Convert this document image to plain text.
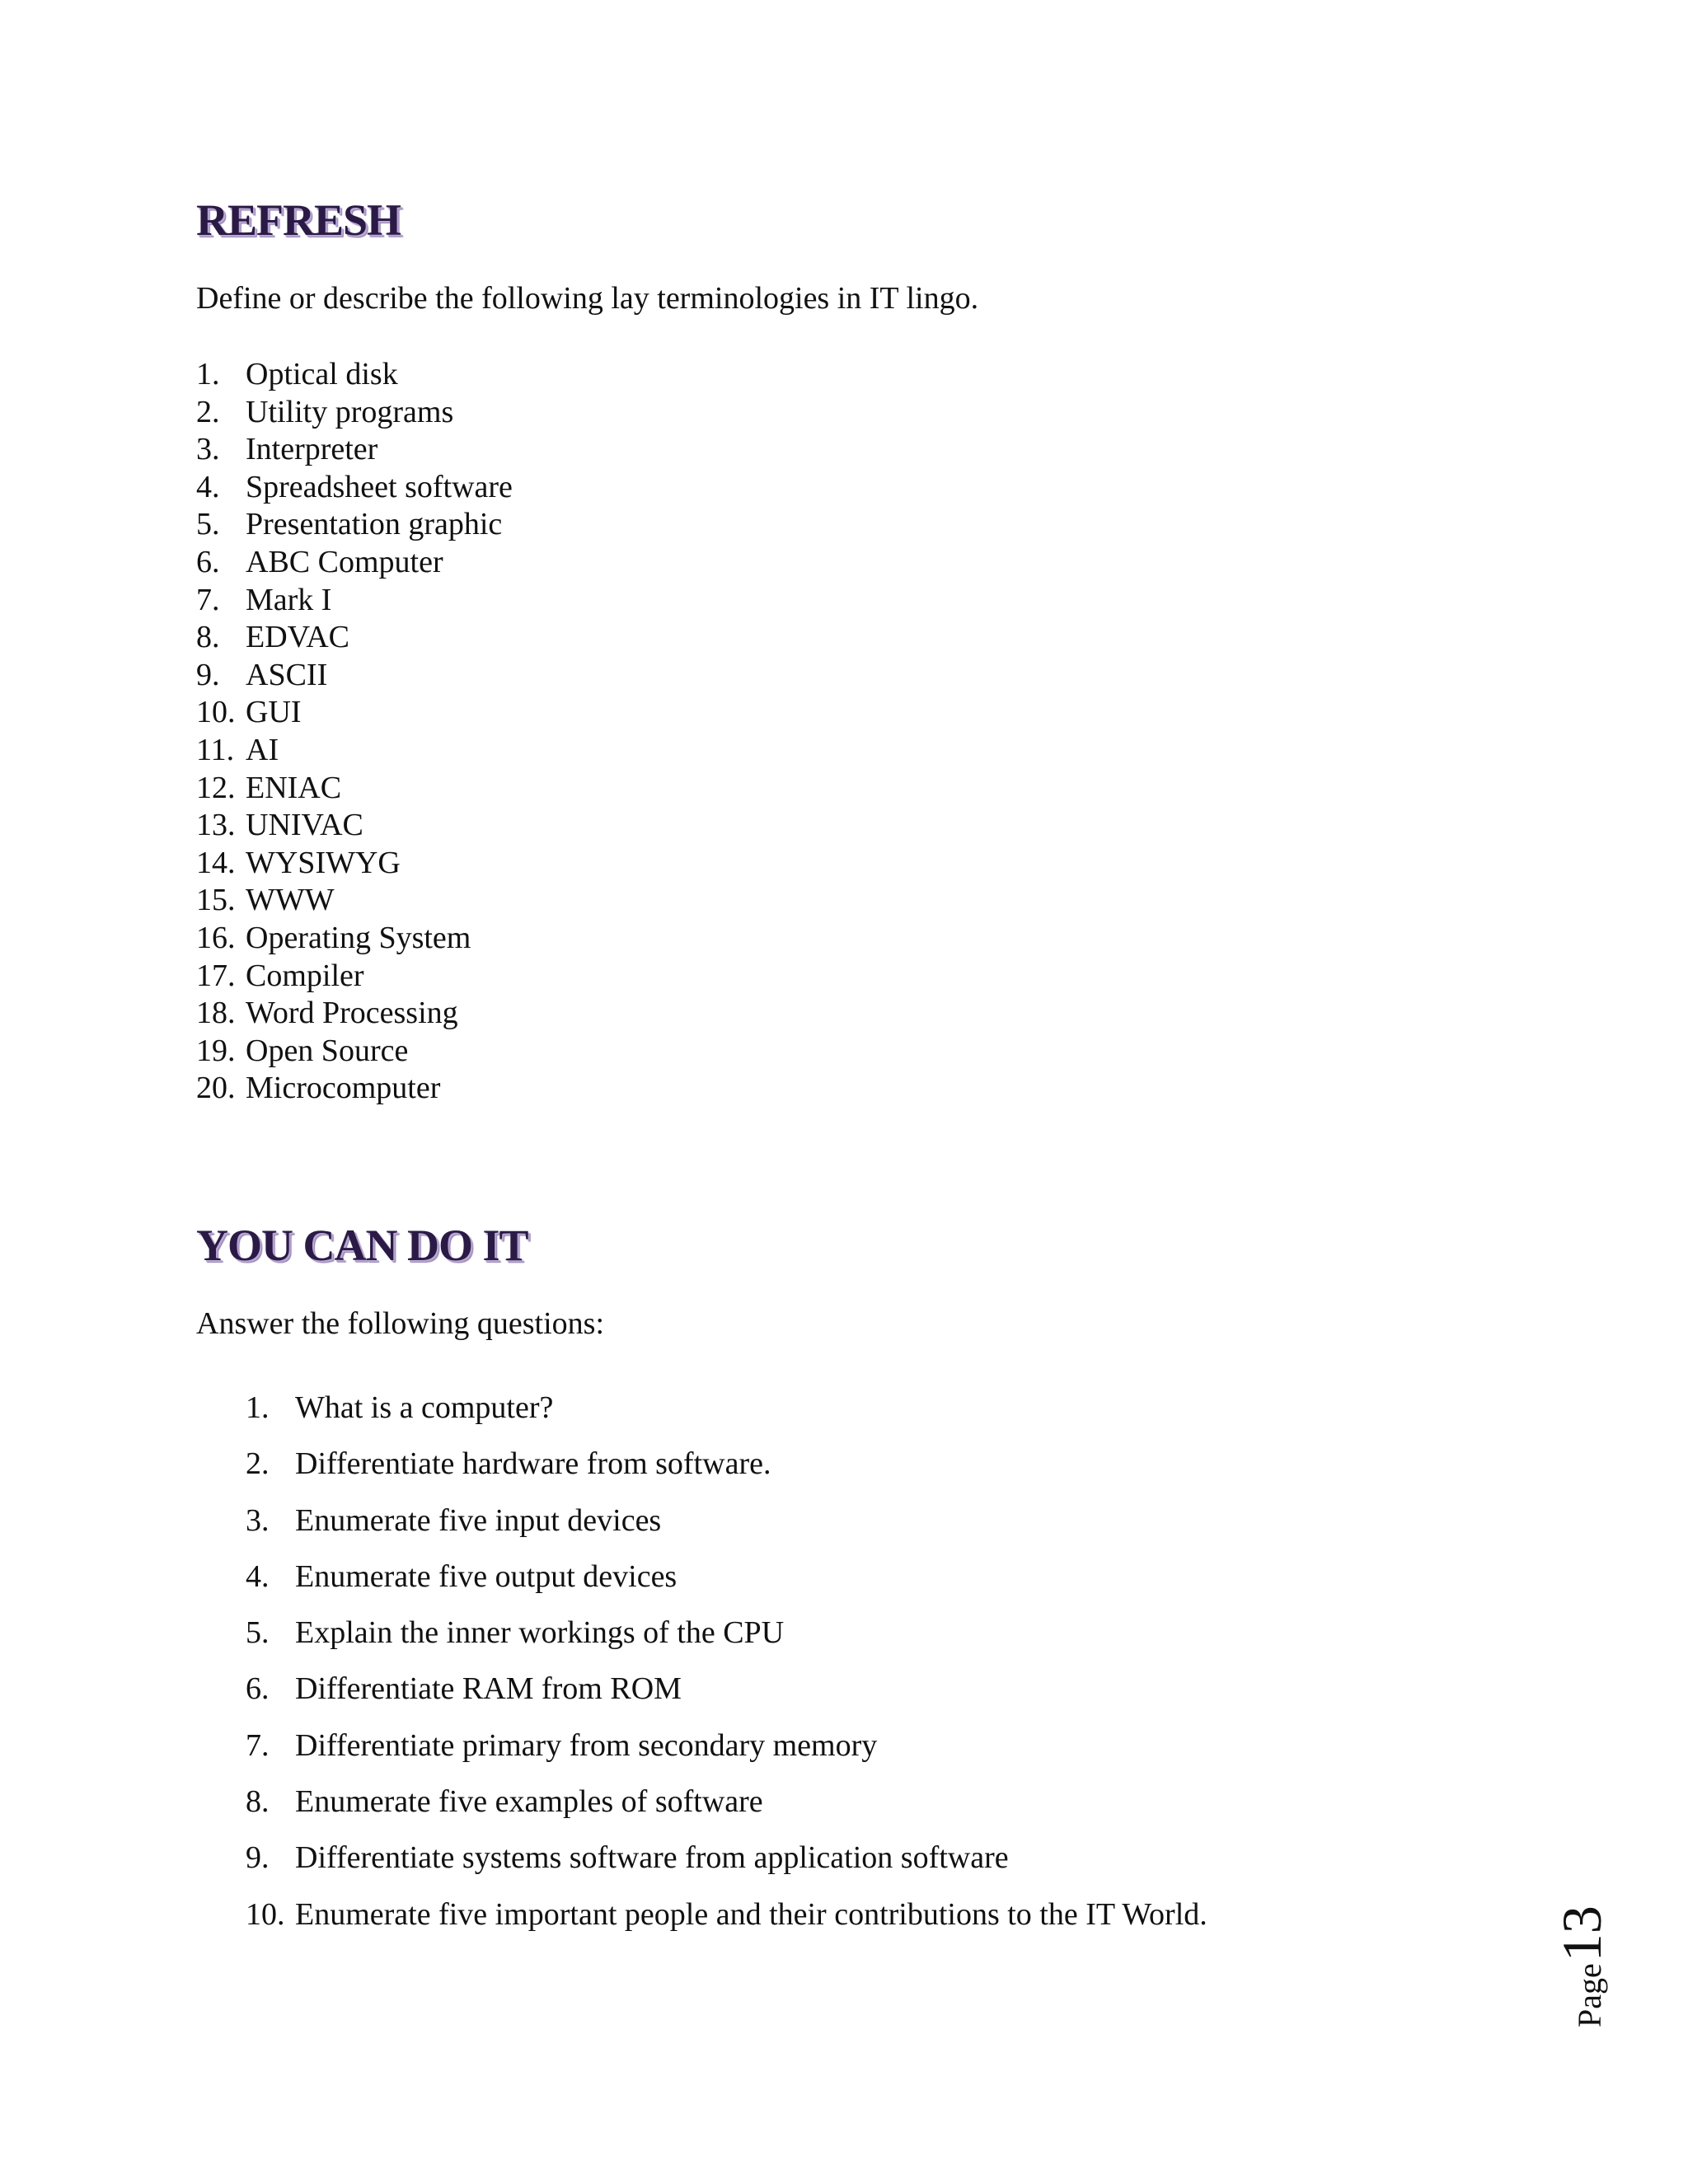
REFRESH

Define or describe the following lay terminologies in IT lingo.

1. Optical disk
2. Utility programs
3. Interpreter
4. Spreadsheet software
5. Presentation graphic
6. ABC Computer
7. Mark I
8. EDVAC
9. ASCII
10. GUI
11. AI
12. ENIAC
13. UNIVAC
14. WYSIWYG
15. WWW
16. Operating System
17. Compiler
18. Word Processing
19. Open Source
20. Microcomputer
YOU CAN DO IT

Answer the following questions:

1. What is a computer?
2. Differentiate hardware from software.
3. Enumerate five input devices
4. Enumerate five output devices
5. Explain the inner workings of the CPU
6. Differentiate RAM from ROM
7. Differentiate primary from secondary memory
8. Enumerate five examples of software
9. Differentiate systems software from application software
10. Enumerate five important people and their contributions to the IT World.
Page13
